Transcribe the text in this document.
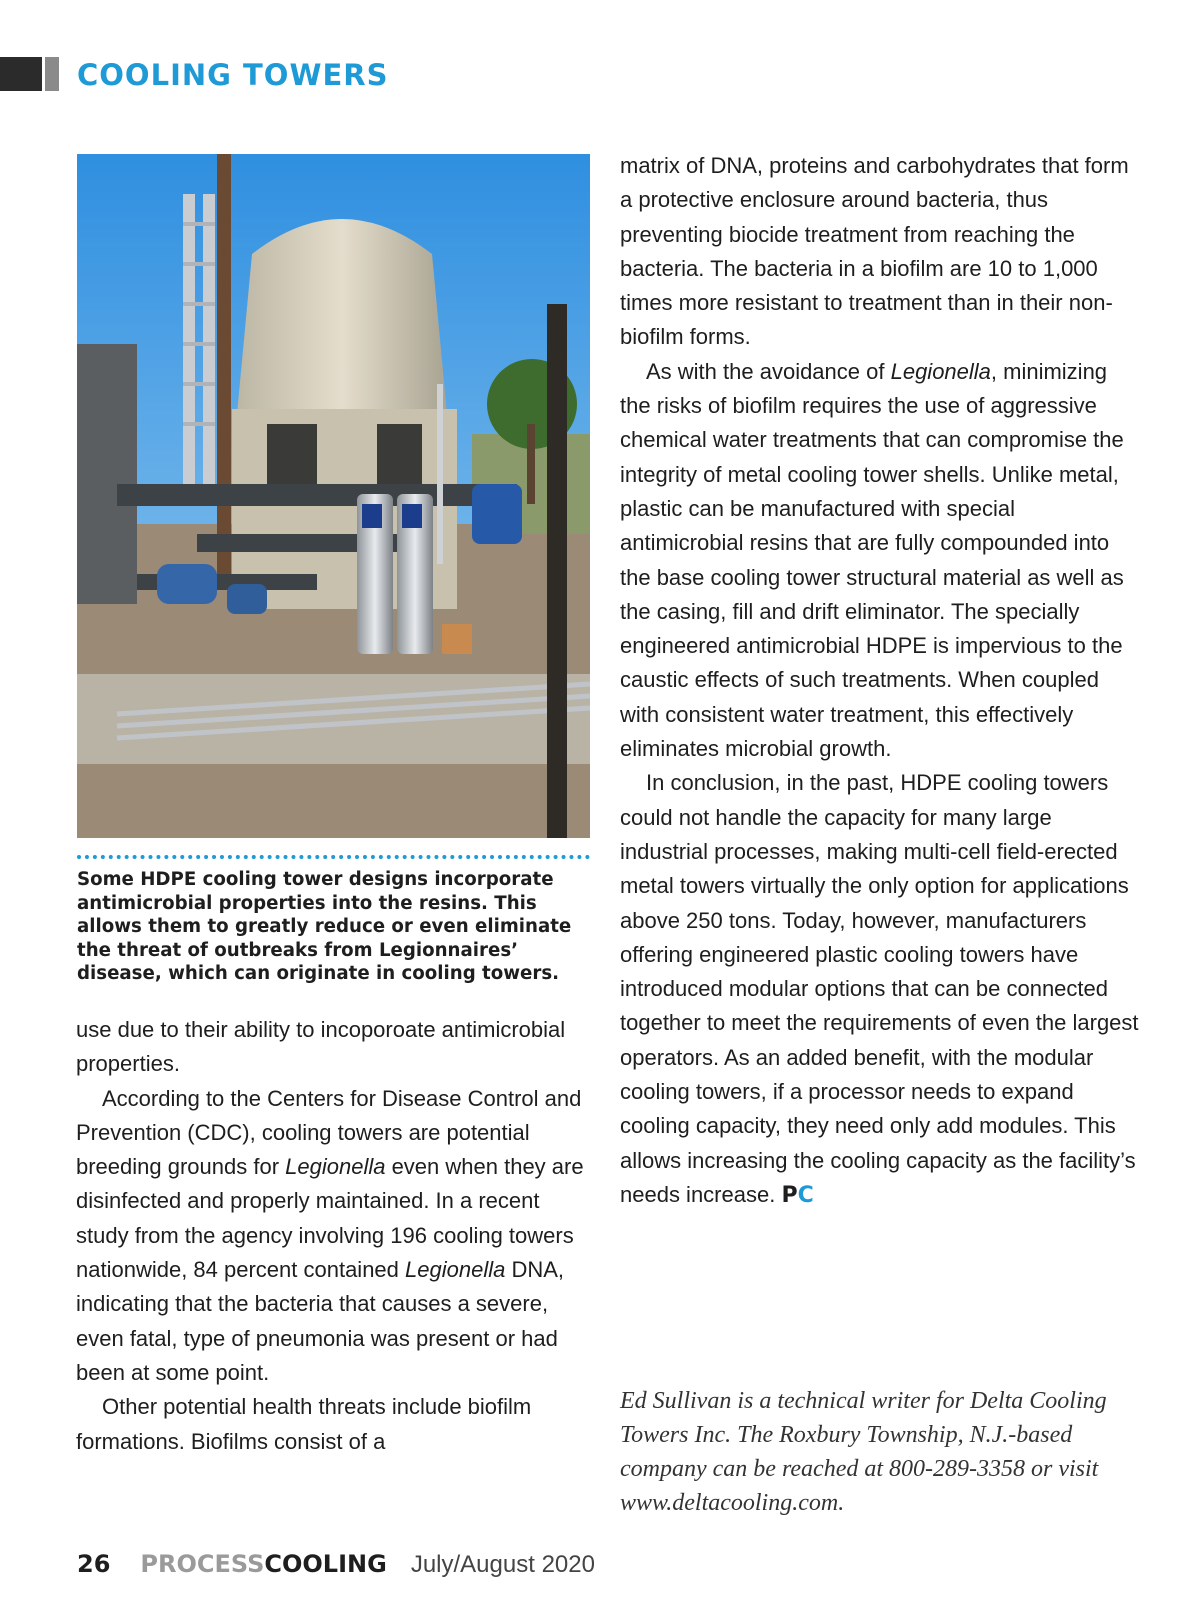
COOLING TOWERS
Some HDPE cooling tower designs incorporate antimicrobial properties into the resins. This allows them to greatly reduce or even eliminate the threat of outbreaks from Legionnaires’ disease, which can originate in cooling towers.

use due to their ability to incoporoate antimicrobial properties.

According to the Centers for Disease Control and Prevention (CDC), cooling towers are potential breeding grounds for Legionella even when they are disinfected and properly maintained. In a recent study from the agency involving 196 cooling towers nationwide, 84 percent contained Legionella DNA, indicating that the bacteria that causes a severe, even fatal, type of pneumonia was present or had been at some point.

Other potential health threats include biofilm formations. Biofilms consist of a

matrix of DNA, proteins and carbohydrates that form a protective enclosure around bacteria, thus preventing biocide treatment from reaching the bacteria. The bacteria in a biofilm are 10 to 1,000 times more resistant to treatment than in their non-biofilm forms.

As with the avoidance of Legionella, minimizing the risks of biofilm requires the use of aggressive chemical water treatments that can compromise the integrity of metal cooling tower shells. Unlike metal, plastic can be manufactured with special antimicrobial resins that are fully compounded into the base cooling tower structural material as well as the casing, fill and drift eliminator. The specially engineered antimicrobial HDPE is impervious to the caustic effects of such treatments. When coupled with consistent water treatment, this effectively eliminates microbial growth.

In conclusion, in the past, HDPE cooling towers could not handle the capacity for many large industrial processes, making multi-cell field-erected metal towers virtually the only option for applications above 250 tons. Today, however, manufacturers offering engineered plastic cooling towers have introduced modular options that can be connected together to meet the requirements of even the largest operators. As an added benefit, with the modular cooling towers, if a processor needs to expand cooling capacity, they need only add modules. This allows increasing the cooling capacity as the facility’s needs increase. PC

Ed Sullivan is a technical writer for Delta Cooling Towers Inc. The Roxbury Township, N.J.-based company can be reached at 800-289-3358 or visit www.deltacooling.com.
26 PROCESSCOOLING July/August 2020
